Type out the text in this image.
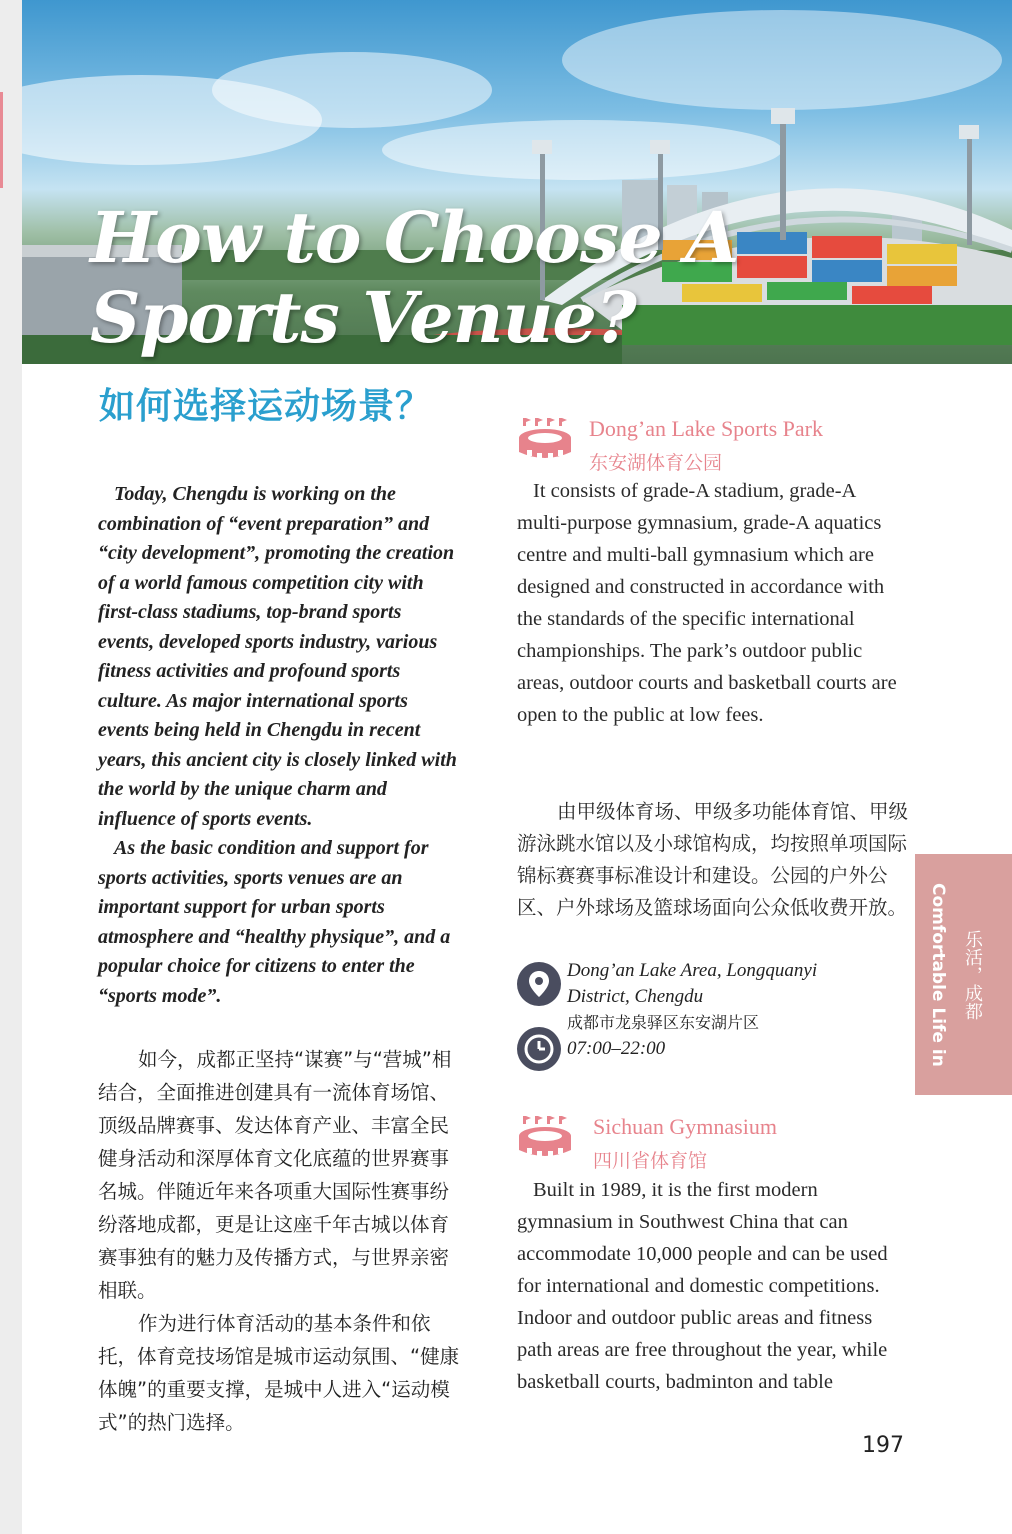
How to Choose A
Sports Venue?
如何选择运动场景？

Today, Chengdu is working on the combination of “event preparation” and “city development”, promoting the creation of a world famous competition city with first-class stadiums, top-brand sports events, developed sports industry, various fitness activities and profound sports culture. As major international sports events being held in Chengdu in recent years, this ancient city is closely linked with the world by the unique charm and influence of sports events.

As the basic condition and support for sports activities, sports venues are an important support for urban sports atmosphere and “healthy physique”, and a popular choice for citizens to enter the “sports mode”.

如今，成都正坚持“谋赛”与“营城”相结合，全面推进创建具有一流体育场馆、顶级品牌赛事、发达体育产业、丰富全民健身活动和深厚体育文化底蕴的世界赛事名城。伴随近年来各项重大国际性赛事纷纷落地成都，更是让这座千年古城以体育赛事独有的魅力及传播方式，与世界亲密相联。

作为进行体育活动的基本条件和依托，体育竞技场馆是城市运动氛围、“健康体魄”的重要支撑，是城中人进入“运动模式”的热门选择。

Dong’an Lake Sports Park
东安湖体育公园

It consists of grade-A stadium, grade-A multi-purpose gymnasium, grade-A aquatics centre and multi-ball gymnasium which are designed and constructed in accordance with the standards of the specific international championships. The park’s outdoor public areas, outdoor courts and basketball courts are open to the public at low fees.

由甲级体育场、甲级多功能体育馆、甲级游泳跳水馆以及小球馆构成，均按照单项国际锦标赛赛事标准设计和建设。公园的户外公区、户外球场及篮球场面向公众低收费开放。

Dong’an Lake Area, Longquanyi
District, Chengdu

成都市龙泉驿区东安湖片区

07:00–22:00

Sichuan Gymnasium
四川省体育馆

Built in 1989, it is the first modern gymnasium in Southwest China that can accommodate 10,000 people and can be used for international and domestic competitions. Indoor and outdoor public areas and fitness path areas are free throughout the year, while basketball courts, badminton and table

Comfortable Life in Chengdu	乐活，成都
197
